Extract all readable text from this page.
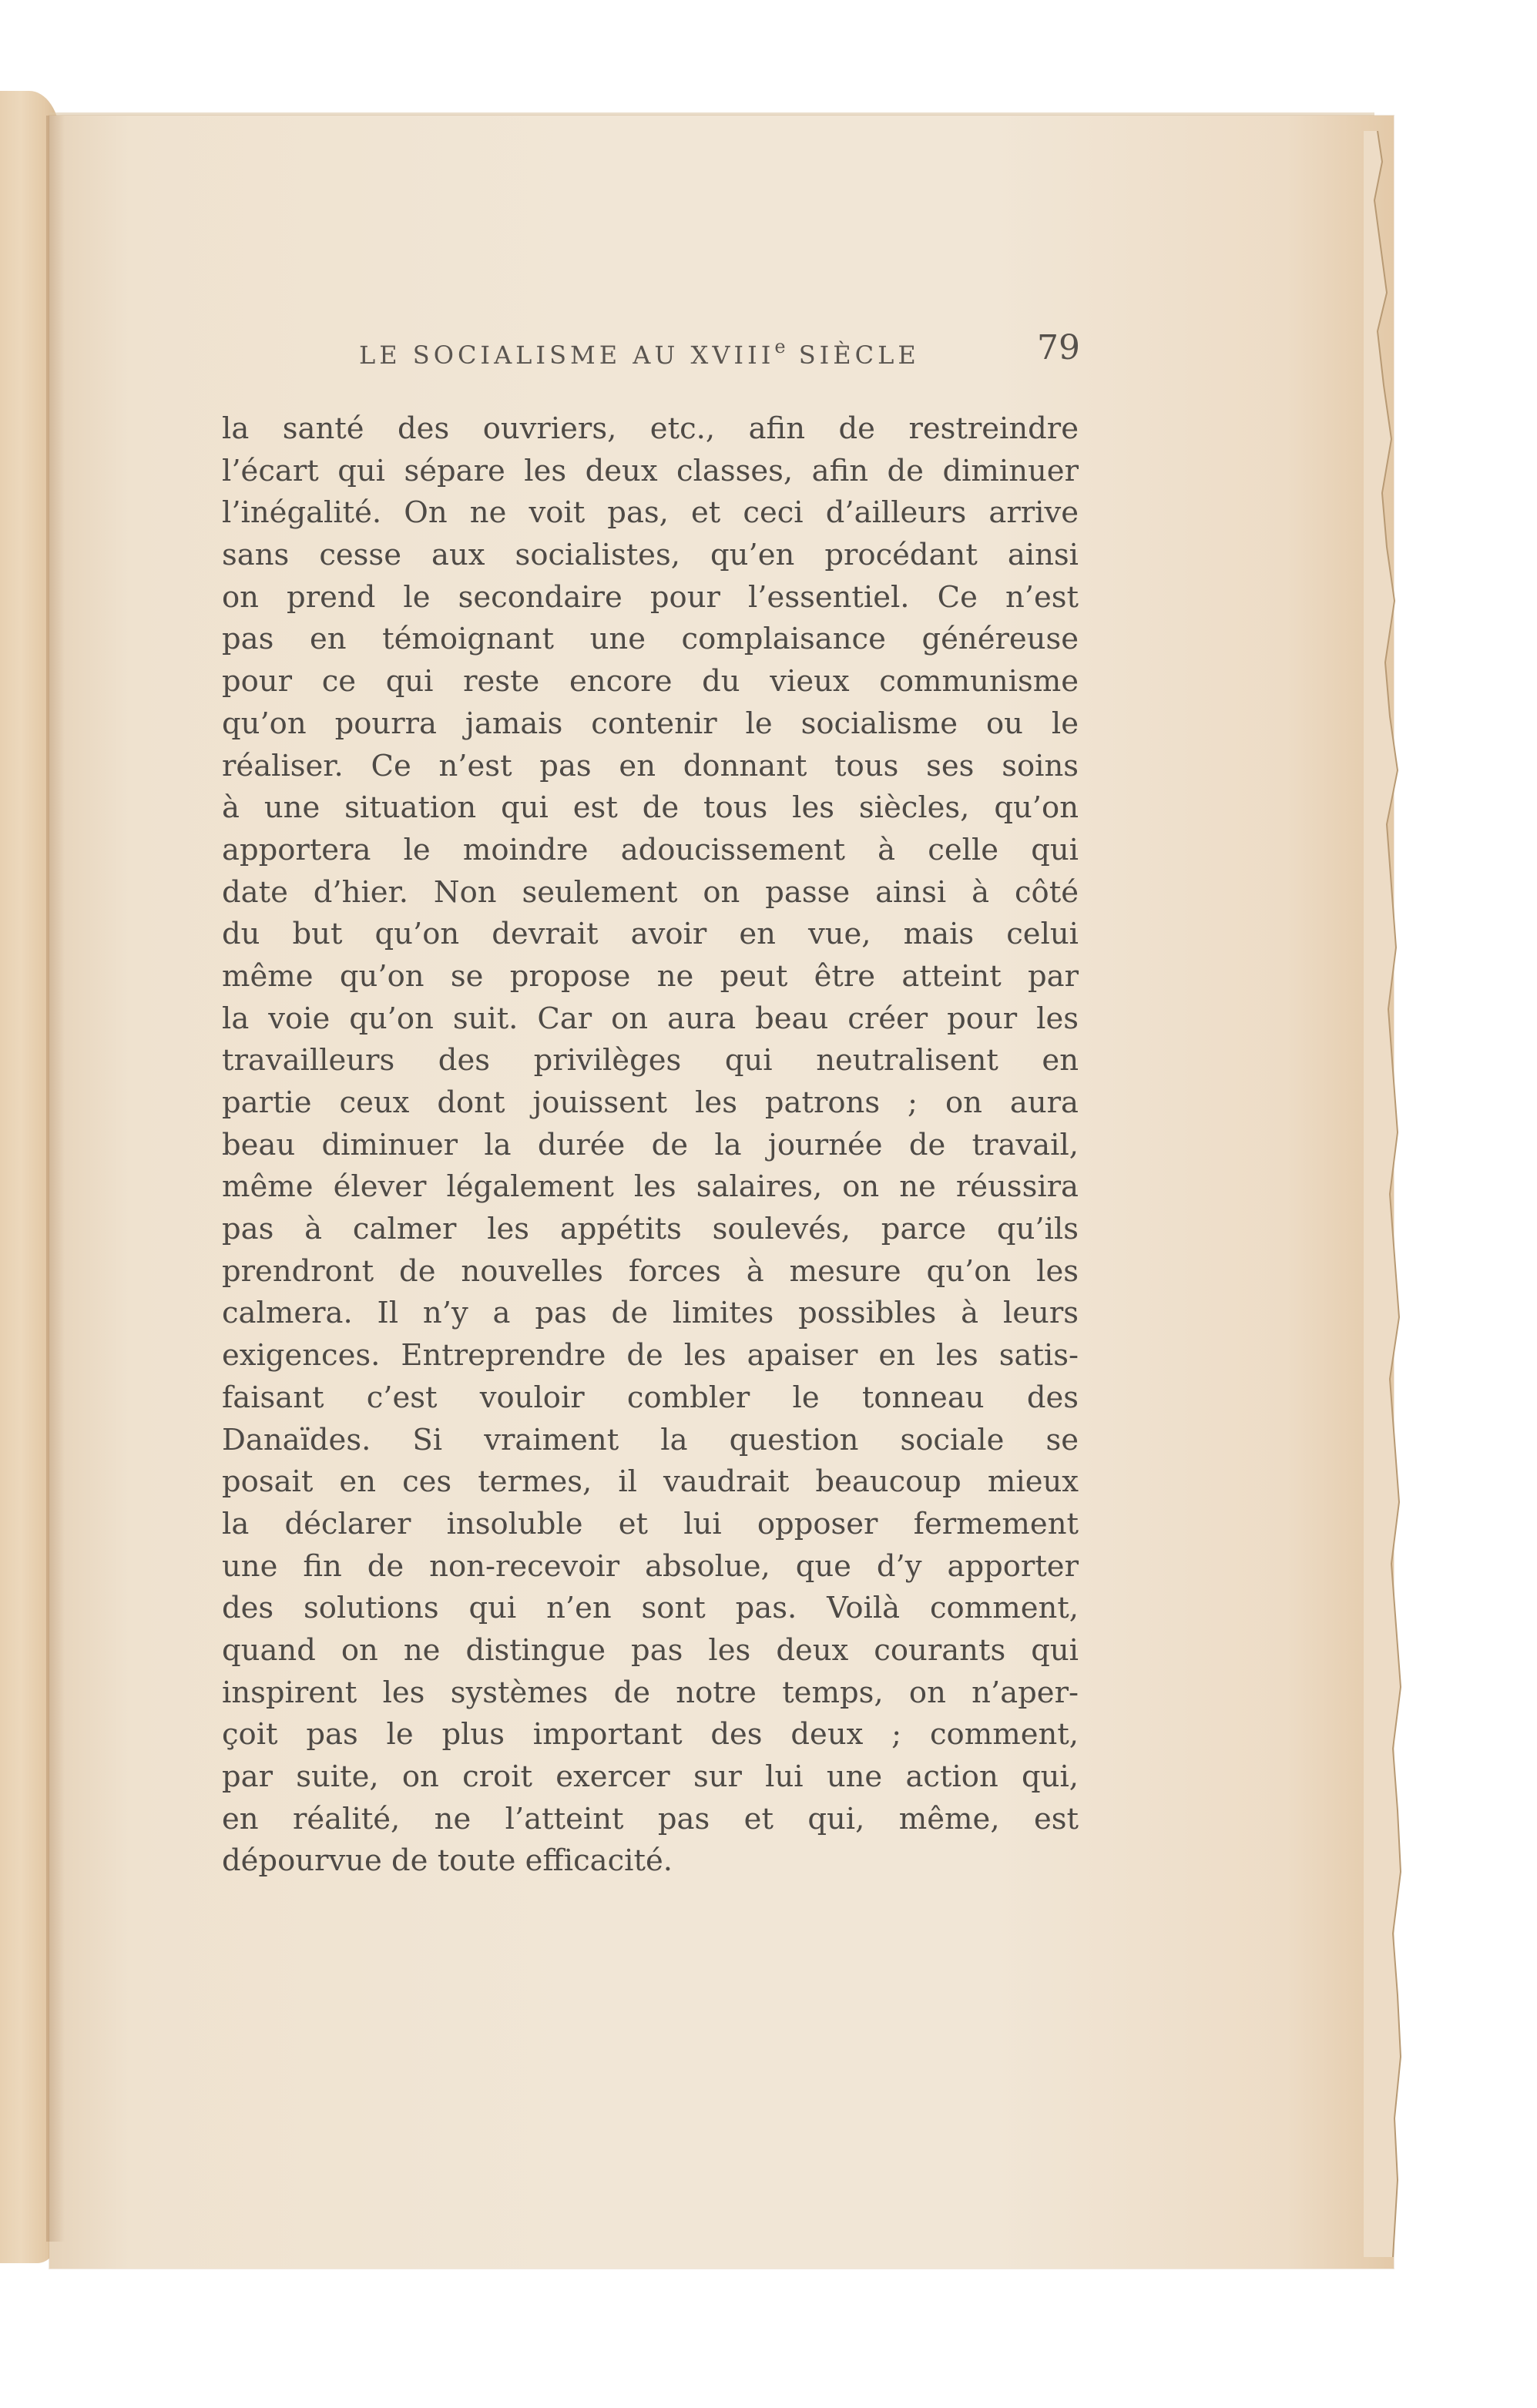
LE SOCIALISME AU XVIIIe SIÈCLE	79
la santé des ouvriers, etc., afin de restreindre
l’écart qui sépare les deux classes, afin de diminuer
l’inégalité. On ne voit pas, et ceci d’ailleurs arrive
sans cesse aux socialistes, qu’en procédant ainsi
on prend le secondaire pour l’essentiel. Ce n’est
pas en témoignant une complaisance généreuse
pour ce qui reste encore du vieux communisme
qu’on pourra jamais contenir le socialisme ou le
réaliser. Ce n’est pas en donnant tous ses soins
à une situation qui est de tous les siècles, qu’on
apportera le moindre adoucissement à celle qui
date d’hier. Non seulement on passe ainsi à côté
du but qu’on devrait avoir en vue, mais celui
même qu’on se propose ne peut être atteint par
la voie qu’on suit. Car on aura beau créer pour les
travailleurs des privilèges qui neutralisent en
partie ceux dont jouissent les patrons ; on aura
beau diminuer la durée de la journée de travail,
même élever légalement les salaires, on ne réussira
pas à calmer les appétits soulevés, parce qu’ils
prendront de nouvelles forces à mesure qu’on les
calmera. Il n’y a pas de limites possibles à leurs
exigences. Entreprendre de les apaiser en les satis-
faisant c’est vouloir combler le tonneau des
Danaïdes. Si vraiment la question sociale se
posait en ces termes, il vaudrait beaucoup mieux
la déclarer insoluble et lui opposer fermement
une fin de non-recevoir absolue, que d’y apporter
des solutions qui n’en sont pas. Voilà comment,
quand on ne distingue pas les deux courants qui
inspirent les systèmes de notre temps, on n’aper-
çoit pas le plus important des deux ; comment,
par suite, on croit exercer sur lui une action qui,
en réalité, ne l’atteint pas et qui, même, est
dépourvue de toute efficacité.
